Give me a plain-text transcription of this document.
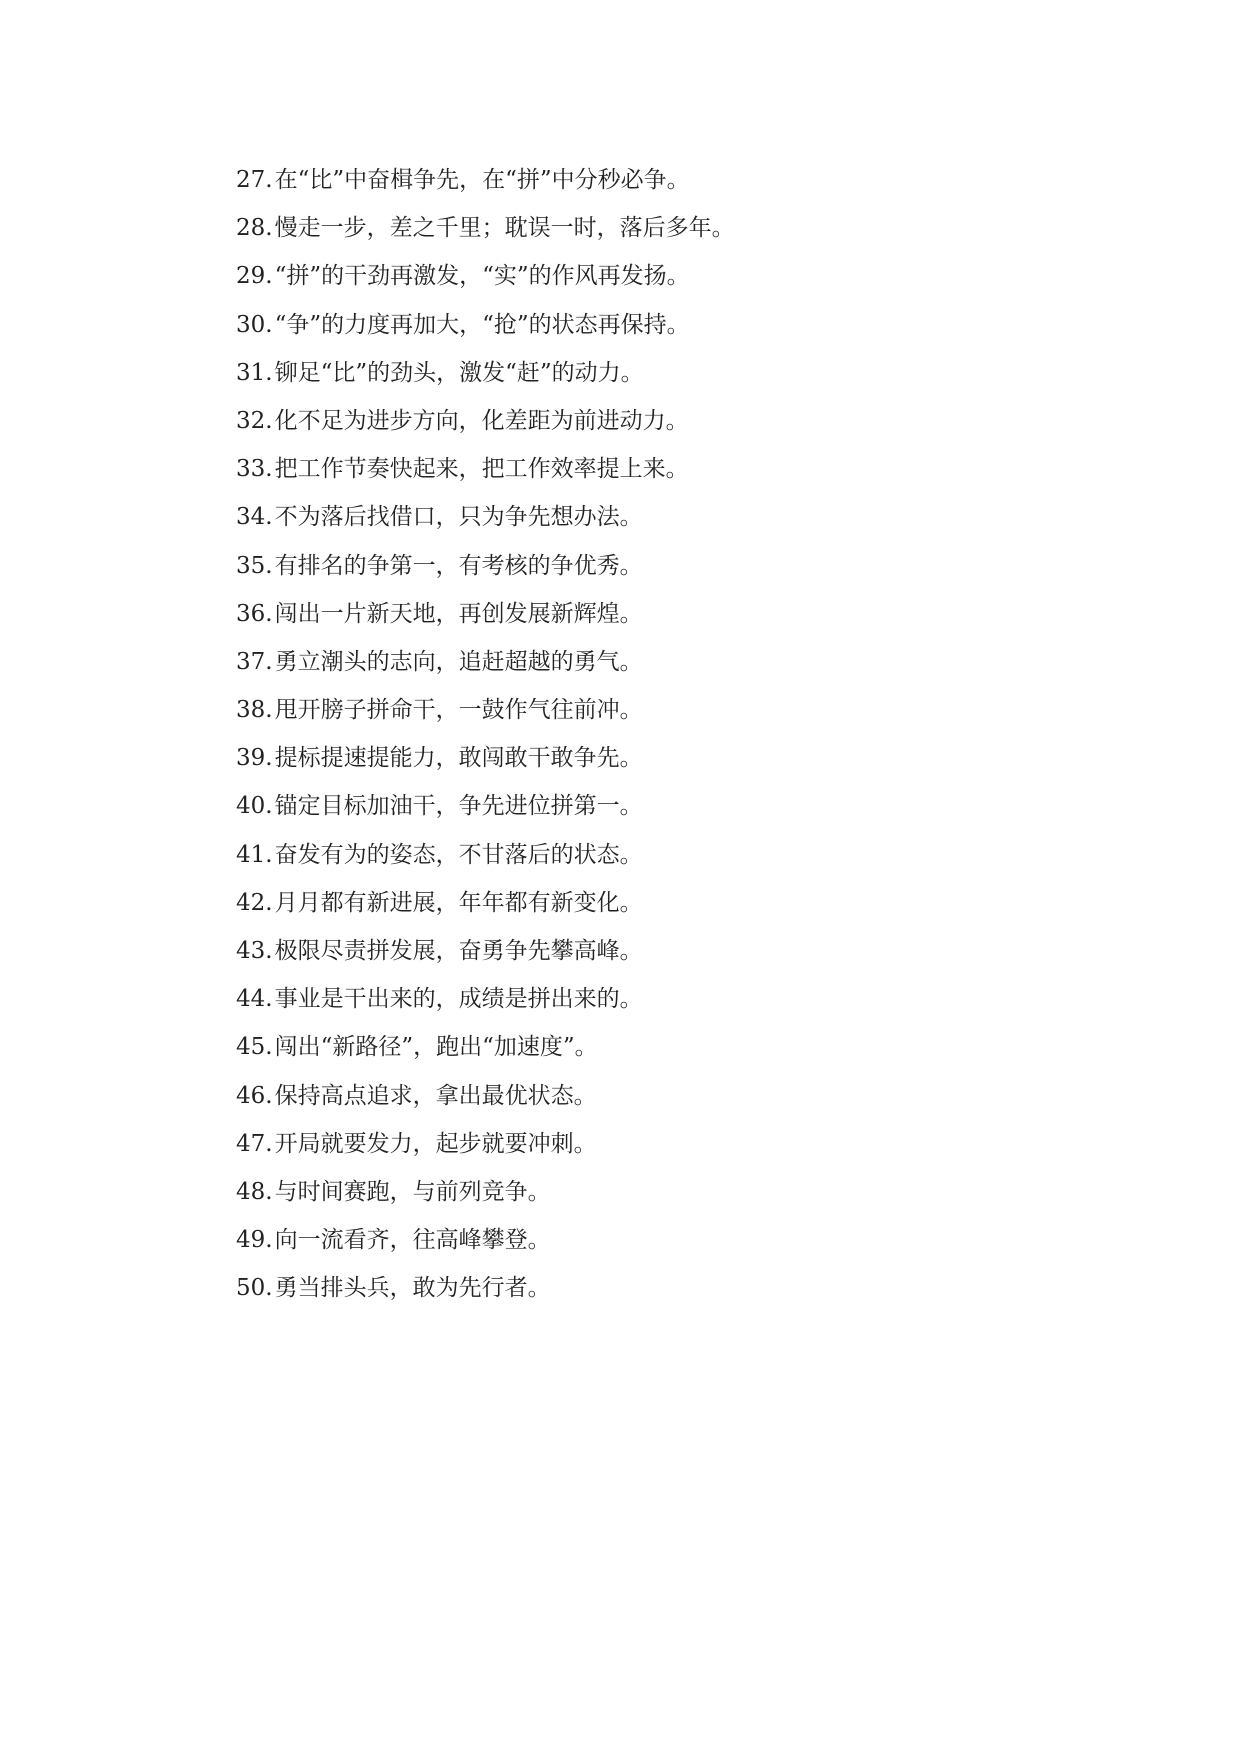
27.在“比”中奋楫争先，在“拼”中分秒必争。
28.慢走一步，差之千里；耽误一时，落后多年。
29.“拼”的干劲再激发，“实”的作风再发扬。
30.“争”的力度再加大，“抢”的状态再保持。
31.铆足“比”的劲头，激发“赶”的动力。
32.化不足为进步方向，化差距为前进动力。
33.把工作节奏快起来，把工作效率提上来。
34.不为落后找借口，只为争先想办法。
35.有排名的争第一，有考核的争优秀。
36.闯出一片新天地，再创发展新辉煌。
37.勇立潮头的志向，追赶超越的勇气。
38.甩开膀子拼命干，一鼓作气往前冲。
39.提标提速提能力，敢闯敢干敢争先。
40.锚定目标加油干，争先进位拼第一。
41.奋发有为的姿态，不甘落后的状态。
42.月月都有新进展，年年都有新变化。
43.极限尽责拼发展，奋勇争先攀高峰。
44.事业是干出来的，成绩是拼出来的。
45.闯出“新路径”，跑出“加速度”。
46.保持高点追求，拿出最优状态。
47.开局就要发力，起步就要冲刺。
48.与时间赛跑，与前列竞争。
49.向一流看齐，往高峰攀登。
50.勇当排头兵，敢为先行者。
